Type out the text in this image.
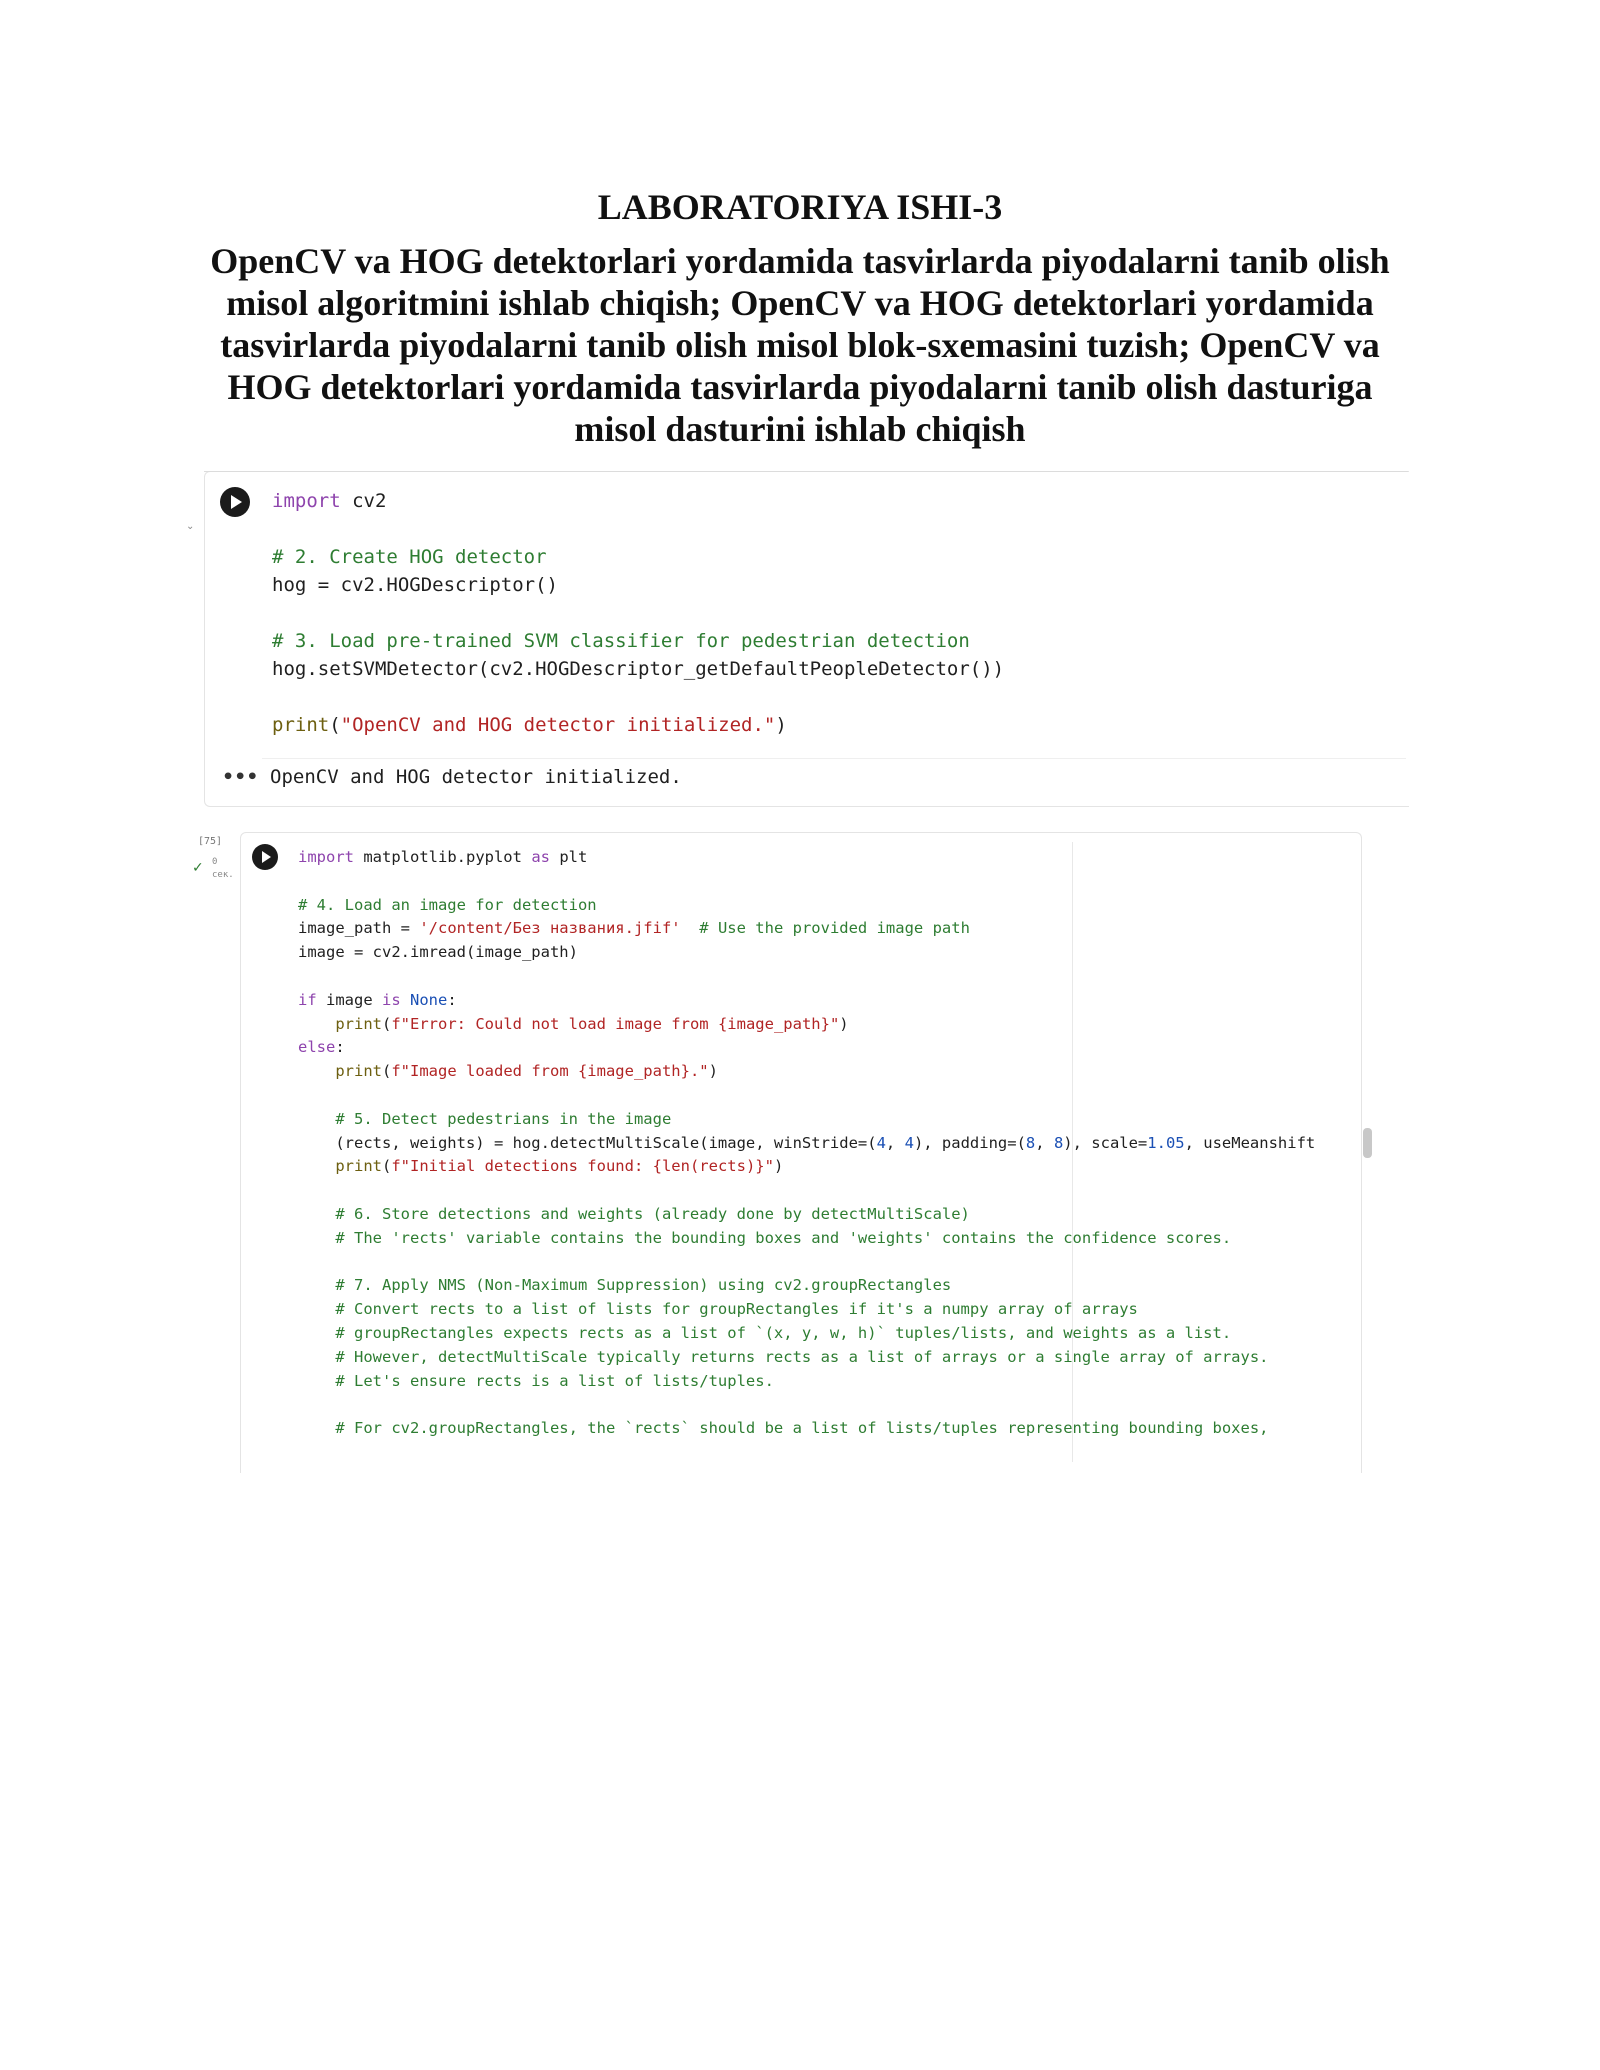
LABORATORIYA ISHI-3
OpenCV va HOG detektorlari yordamida tasvirlarda piyodalarni tanib olish
misol algoritmini ishlab chiqish; OpenCV va HOG detektorlari yordamida
tasvirlarda piyodalarni tanib olish misol blok-sxemasini tuzish; OpenCV va
HOG detektorlari yordamida tasvirlarda piyodalarni tanib olish dasturiga
misol dasturini ishlab chiqish
⌄
import cv2
# 2. Create HOG detector
hog = cv2.HOGDescriptor()
# 3. Load pre-trained SVM classifier for pedestrian detection
hog.setSVMDetector(cv2.HOGDescriptor_getDefaultPeopleDetector())
print("OpenCV and HOG detector initialized.")
••• OpenCV and HOG detector initialized.
[75]
✓ 0
сек.
import matplotlib.pyplot as plt
# 4. Load an image for detection
image_path = '/content/Без названия.jfif' # Use the provided image path
image = cv2.imread(image_path)
if image is None:
print(f"Error: Could not load image from {image_path}")
else:
print(f"Image loaded from {image_path}.")
# 5. Detect pedestrians in the image
(rects, weights) = hog.detectMultiScale(image, winStride=(4, 4), padding=(8, 8), scale=1.05, useMeanshift
print(f"Initial detections found: {len(rects)}")
# 6. Store detections and weights (already done by detectMultiScale)
# The 'rects' variable contains the bounding boxes and 'weights' contains the confidence scores.
# 7. Apply NMS (Non-Maximum Suppression) using cv2.groupRectangles
# Convert rects to a list of lists for groupRectangles if it's a numpy array of arrays
# groupRectangles expects rects as a list of `(x, y, w, h)` tuples/lists, and weights as a list.
# However, detectMultiScale typically returns rects as a list of arrays or a single array of arrays.
# Let's ensure rects is a list of lists/tuples.
# For cv2.groupRectangles, the `rects` should be a list of lists/tuples representing bounding boxes,
